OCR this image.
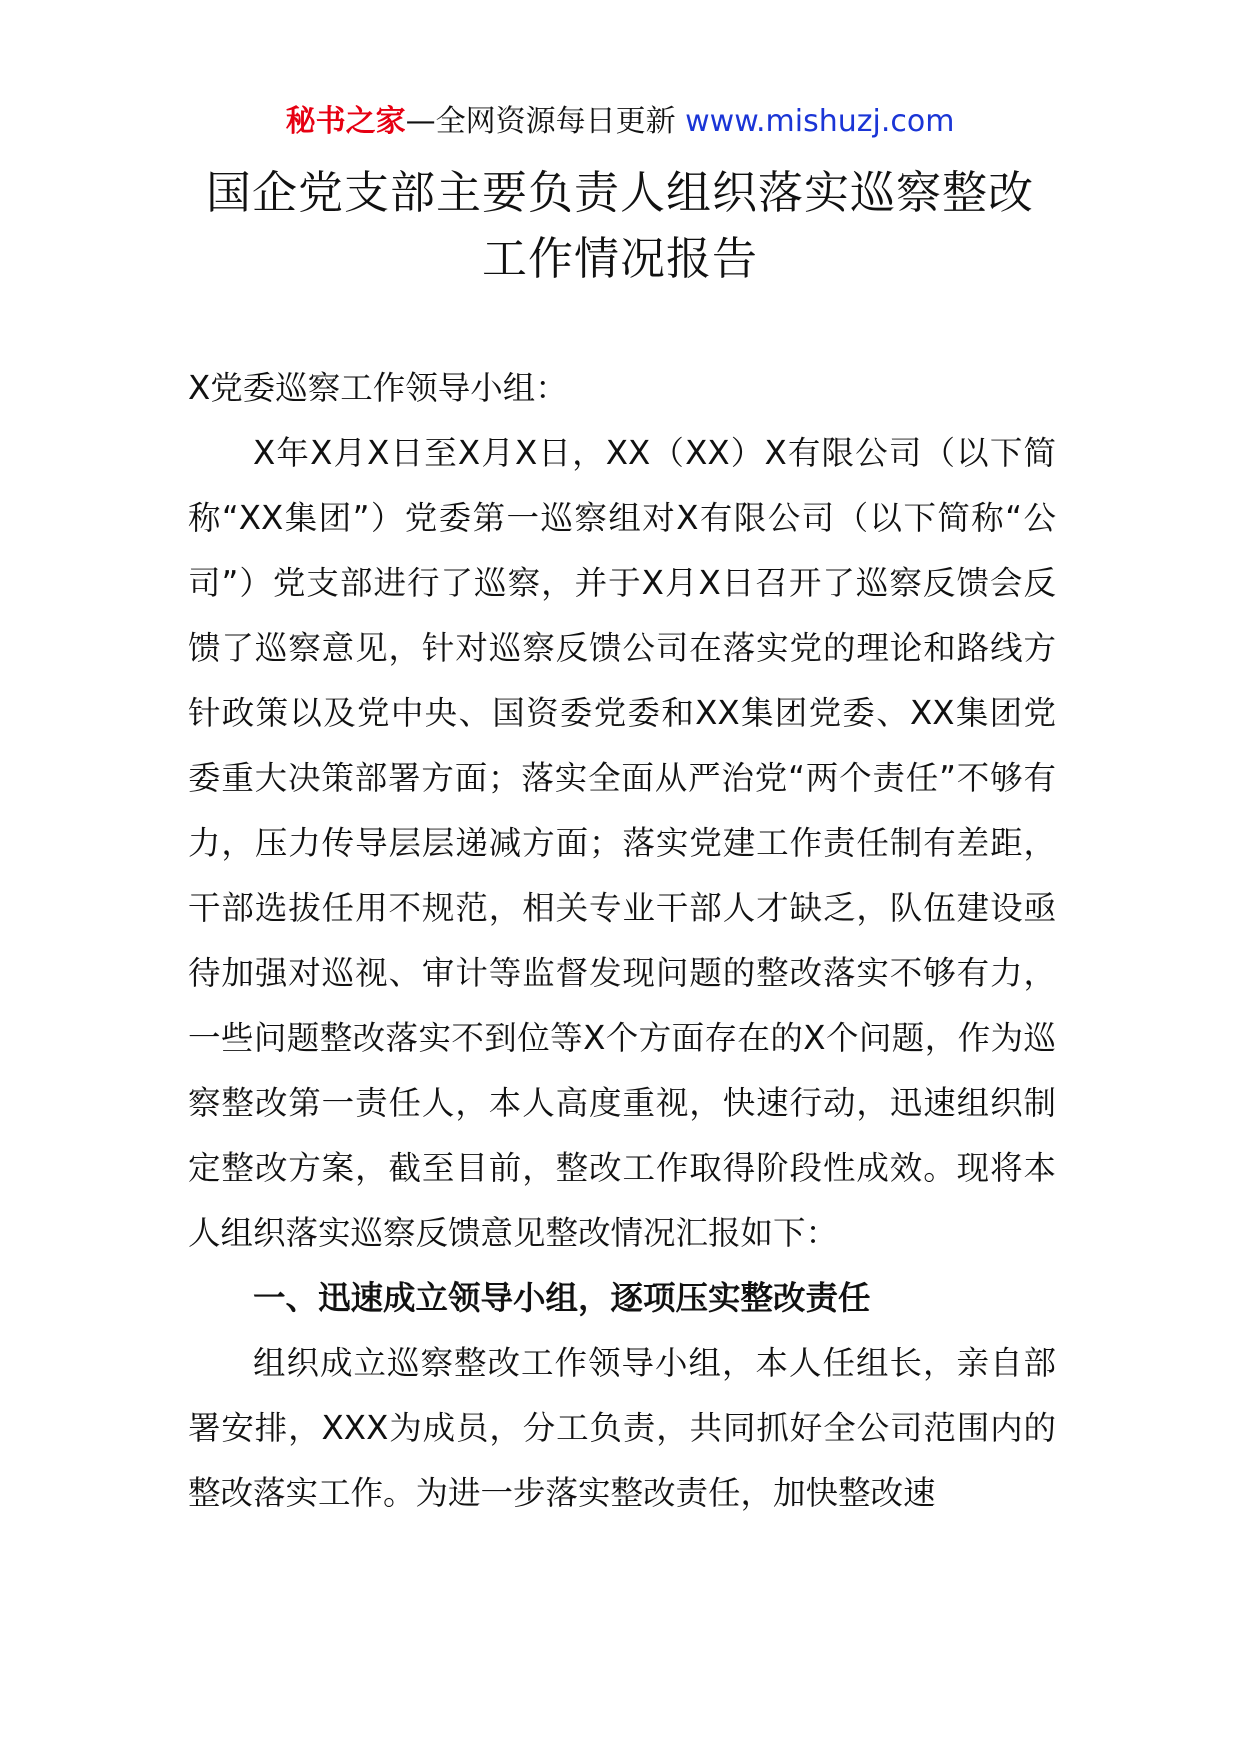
秘书之家—全网资源每日更新 www.mishuzj.com
国企党支部主要负责人组织落实巡察整改
工作情况报告

X党委巡察工作领导小组：

X年X月X日至X月X日，XX（XX）X有限公司（以下简称“XX集团”）党委第一巡察组对X有限公司（以下简称“公司”）党支部进行了巡察，并于X月X日召开了巡察反馈会反馈了巡察意见，针对巡察反馈公司在落实党的理论和路线方针政策以及党中央、国资委党委和XX集团党委、XX集团党委重大决策部署方面；落实全面从严治党“两个责任”不够有力，压力传导层层递减方面；落实党建工作责任制有差距，干部选拔任用不规范，相关专业干部人才缺乏，队伍建设亟待加强对巡视、审计等监督发现问题的整改落实不够有力，一些问题整改落实不到位等X个方面存在的X个问题，作为巡察整改第一责任人，本人高度重视，快速行动，迅速组织制定整改方案，截至目前，整改工作取得阶段性成效。现将本人组织落实巡察反馈意见整改情况汇报如下：

一、迅速成立领导小组，逐项压实整改责任

组织成立巡察整改工作领导小组，本人任组长，亲自部署安排，XXX为成员，分工负责，共同抓好全公司范围内的整改落实工作。为进一步落实整改责任，加快整改速
